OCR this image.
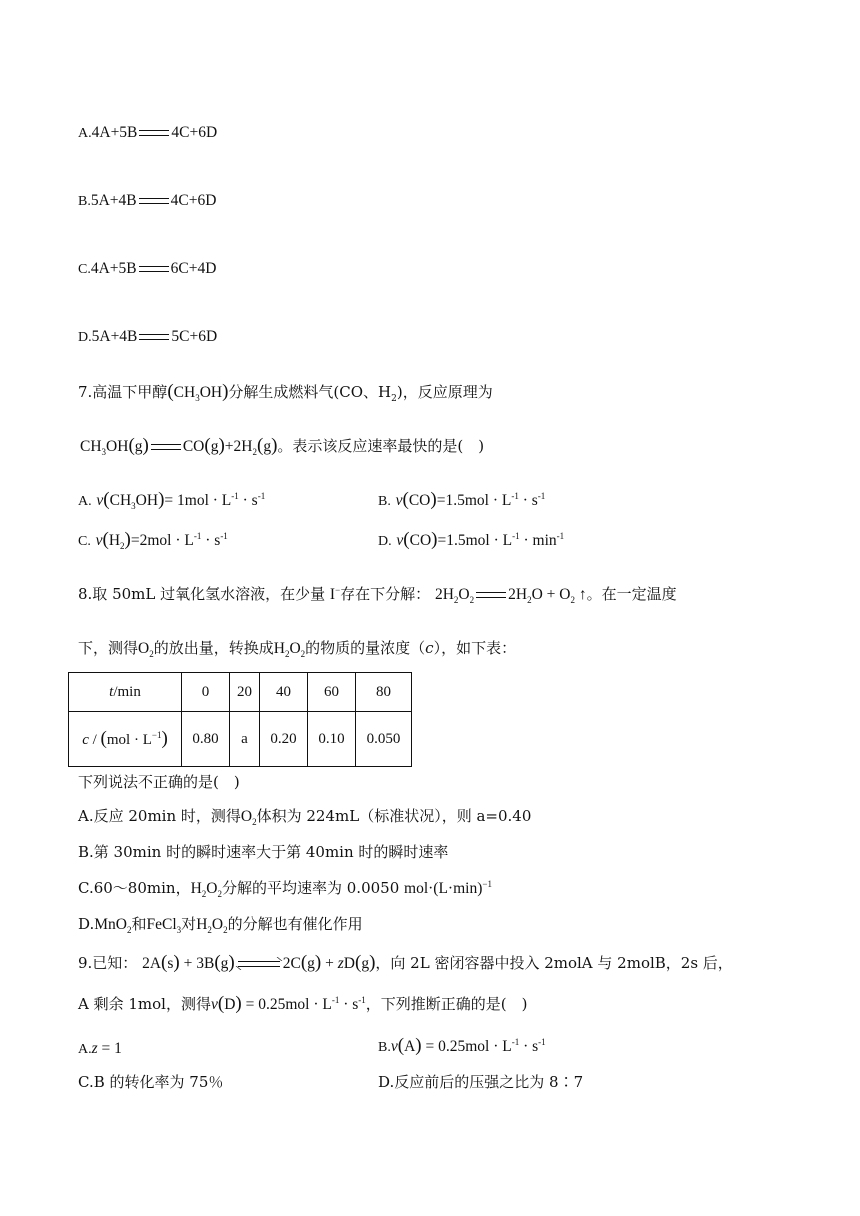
A.4A+5B 4C+6D
B.5A+4B 4C+6D
C.4A+5B 6C+4D
D.5A+4B 5C+6D
7.高温下甲醇$(CH_3OH)$分解生成燃料气(CO、$H_2$)，反应原理为
$CH_3OH(g)$ $CO(g)+2H_2(g)$。表示该反应速率最快的是(　)
A. $v(CH_3OH)= 1mol \cdot L^{-1} \cdot s^{-1}$	B. $v(CO)=1.5mol \cdot L^{-1} \cdot s^{-1}$
C. $v(H_2)=2mol \cdot L^{-1} \cdot s^{-1}$	D. $v(CO)=1.5mol \cdot L^{-1} \cdot \min^{-1}$
8.取 50mL 过氧化氢水溶液，在少量 I−存在下分解： $2H_2O_2$ $2H_2O + O_2$ ↑。在一定温度
下，测得$O_2$的放出量，转换成$H_2O_2$的物质的量浓度（c），如下表：
t/min	0	20	40	60	80
$c / (mol \cdot L^{-1})$	0.80	a	0.20	0.10	0.050
下列说法不正确的是(　)
A.反应 20min 时，测得$O_2$体积为 224mL（标准状况），则 a=0.40
B.第 30min 时的瞬时速率大于第 40min 时的瞬时速率
C.60～80min，$H_2O_2$分解的平均速率为 0.0050 $mol\cdot(L\cdot\min)^{-1}$
D.MnO$_2$和FeCl$_3$对$H_2O_2$的分解也有催化作用
9.已知： 2A(s) + 3B(g)	2C(g) + zD(g)，向 2L 密闭容器中投入 2molA 与 2molB，2s 后，
A 剩余 1mol，测得$v(D) = 0.25mol \cdot L^{-1} \cdot s^{-1}$，下列推断正确的是(　)
A.z = 1	$B.v(A) = 0.25mol \cdot L^{-1} \cdot s^{-1}$
C.B 的转化率为 75％	D.反应前后的压强之比为 8∶7
